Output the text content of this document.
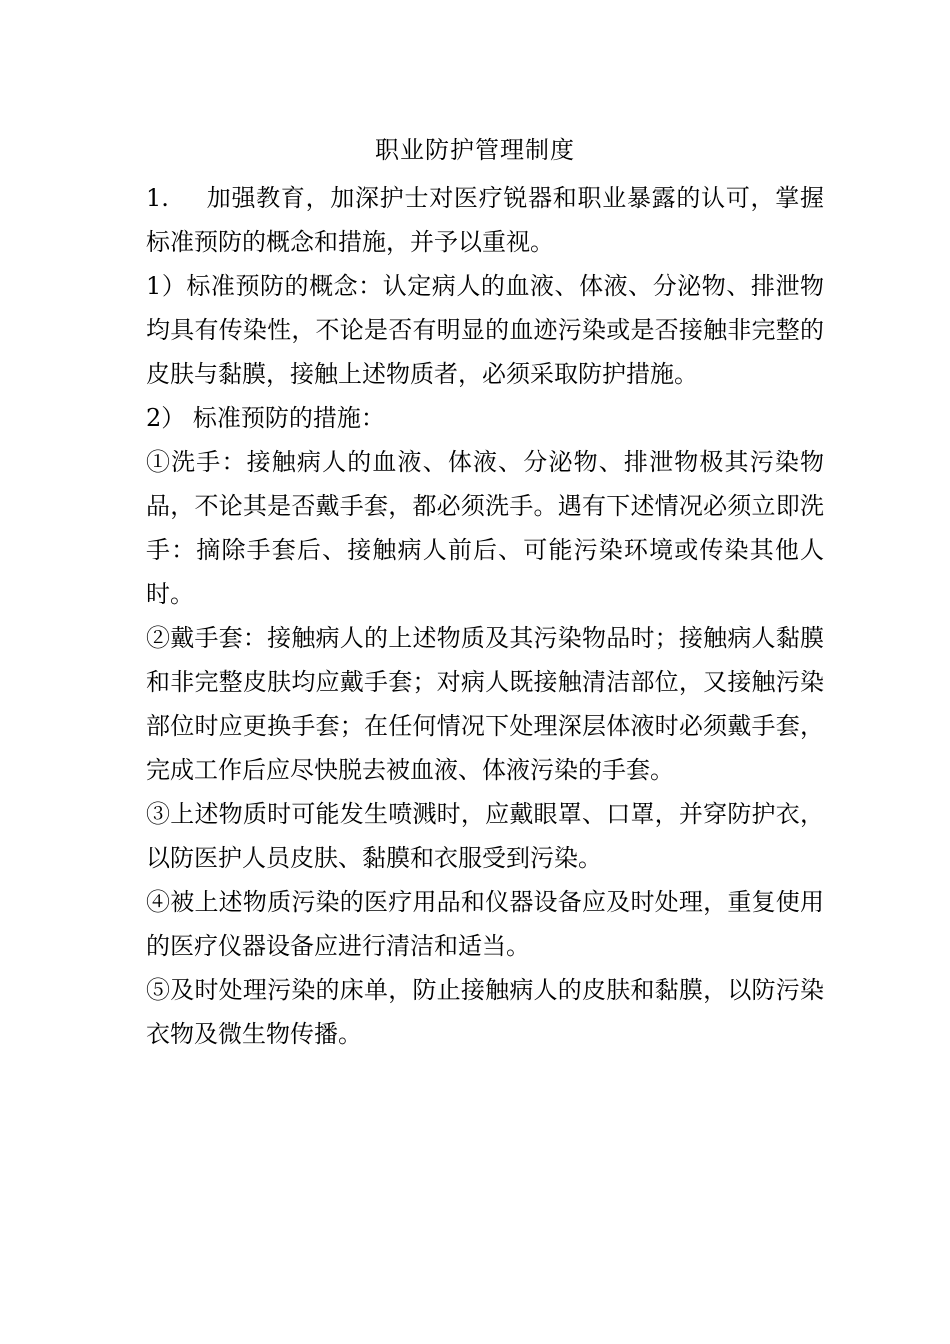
职业防护管理制度

1. 加强教育，加深护士对医疗锐器和职业暴露的认可，掌握标准预防的概念和措施，并予以重视。

1）标准预防的概念：认定病人的血液、体液、分泌物、排泄物均具有传染性，不论是否有明显的血迹污染或是否接触非完整的皮肤与黏膜，接触上述物质者，必须采取防护措施。

2） 标准预防的措施：

①洗手：接触病人的血液、体液、分泌物、排泄物极其污染物品，不论其是否戴手套，都必须洗手。遇有下述情况必须立即洗手：摘除手套后、接触病人前后、可能污染环境或传染其他人时。

②戴手套：接触病人的上述物质及其污染物品时；接触病人黏膜和非完整皮肤均应戴手套；对病人既接触清洁部位，又接触污染部位时应更换手套；在任何情况下处理深层体液时必须戴手套，完成工作后应尽快脱去被血液、体液污染的手套。

③上述物质时可能发生喷溅时，应戴眼罩、口罩，并穿防护衣，以防医护人员皮肤、黏膜和衣服受到污染。

④被上述物质污染的医疗用品和仪器设备应及时处理，重复使用的医疗仪器设备应进行清洁和适当。

⑤及时处理污染的床单，防止接触病人的皮肤和黏膜，以防污染衣物及微生物传播。
